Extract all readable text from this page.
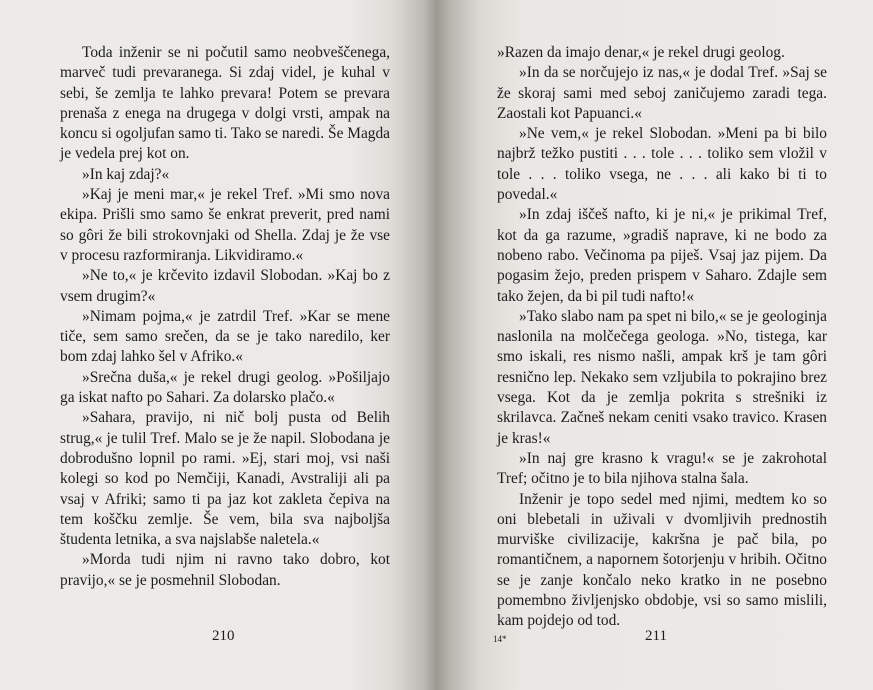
Toda inženir se ni počutil samo neobveščenega, marveč tudi prevaranega. Si zdaj videl, je kuhal v sebi, še zemlja te lahko prevara! Potem se prevara prenaša z enega na drugega v dolgi vrsti, ampak na koncu si ogoljufan samo ti. Tako se naredi. Še Magda je vedela prej kot on.

»In kaj zdaj?«

»Kaj je meni mar,« je rekel Tref. »Mi smo nova ekipa. Prišli smo samo še enkrat preverit, pred nami so gôri že bili strokovnjaki od Shella. Zdaj je že vse v procesu razformiranja. Likvidiramo.«

»Ne to,« je krčevito izdavil Slobodan. »Kaj bo z vsem drugim?«

»Nimam pojma,« je zatrdil Tref. »Kar se mene tiče, sem samo srečen, da se je tako naredilo, ker bom zdaj lahko šel v Afriko.«

»Srečna duša,« je rekel drugi geolog. »Pošiljajo ga iskat nafto po Sahari. Za dolarsko plačo.«

»Sahara, pravijo, ni nič bolj pusta od Belih strug,« je tulil Tref. Malo se je že napil. Slobodana je dobrodušno lopnil po rami. »Ej, stari moj, vsi naši kolegi so kod po Nemčiji, Kanadi, Avstraliji ali pa vsaj v Afriki; samo ti pa jaz kot zakleta čepiva na tem koščku zemlje. Še vem, bila sva najboljša študenta letnika, a sva najslabše naletela.«

»Morda tudi njim ni ravno tako dobro, kot pravijo,« se je posmehnil Slobodan.

210

»Razen da imajo denar,« je rekel drugi geolog.

»In da se norčujejo iz nas,« je dodal Tref. »Saj se že skoraj sami med seboj zaničujemo zaradi tega. Zaostali kot Papuanci.«

»Ne vem,« je rekel Slobodan. »Meni pa bi bilo najbrž težko pustiti . . . tole . . . toliko sem vložil v tole . . . toliko vsega, ne . . . ali kako bi ti to povedal.«

»In zdaj iščeš nafto, ki je ni,« je prikimal Tref, kot da ga razume, »gradiš naprave, ki ne bodo za nobeno rabo. Večinoma pa piješ. Vsaj jaz pijem. Da pogasim žejo, preden prispem v Saharo. Zdajle sem tako žejen, da bi pil tudi nafto!«

»Tako slabo nam pa spet ni bilo,« se je geologinja naslonila na molčečega geologa. »No, tistega, kar smo iskali, res nismo našli, ampak krš je tam gôri resnično lep. Nekako sem vzljubila to pokrajino brez vsega. Kot da je zemlja pokrita s strešniki iz skrilavca. Začneš nekam ceniti vsako travico. Krasen je kras!«

»In naj gre krasno k vragu!« se je zakrohotal Tref; očitno je to bila njihova stalna šala.

Inženir je topo sedel med njimi, medtem ko so oni blebetali in uživali v dvomljivih prednostih murviške civilizacije, kakršna je pač bila, po romantičnem, a napornem šotorjenju v hribih. Očitno se je zanje končalo neko kratko in ne posebno pomembno življenjsko obdobje, vsi so samo mislili, kam pojdejo od tod.

14*	211
